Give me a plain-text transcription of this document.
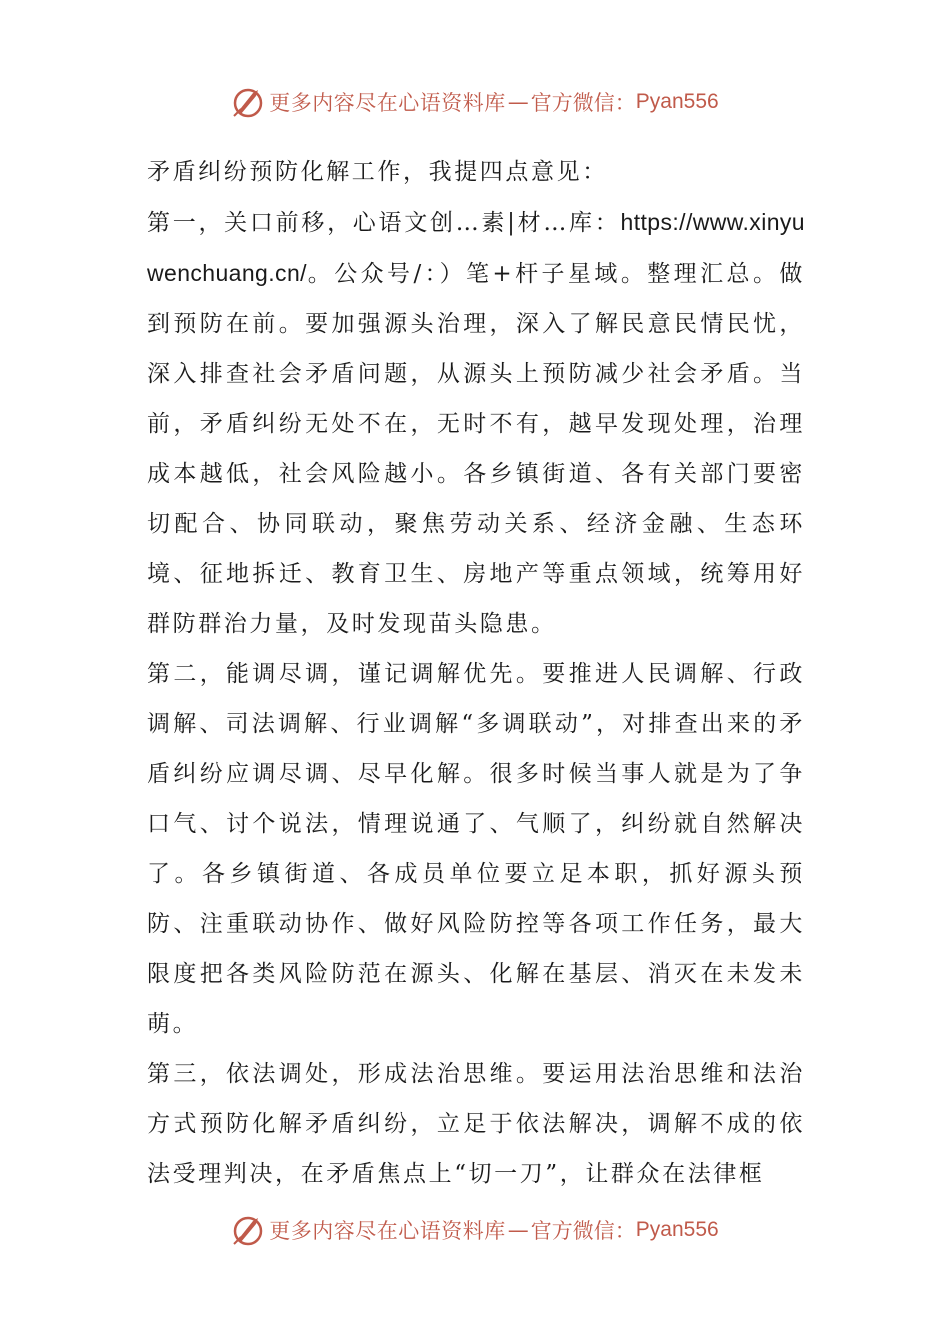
更多内容尽在心语资料库 — 官方微信： Pyan556

矛盾纠纷预防化解工作，我提四点意见：

第一，关口前移，心语文创…素|材…库：https://www.xinyuwenchuang.cn/。公众号/：）笔+杆子星域。整理汇总。做到预防在前。要加强源头治理，深入了解民意民情民忧，深入排查社会矛盾问题，从源头上预防减少社会矛盾。当前，矛盾纠纷无处不在，无时不有，越早发现处理，治理成本越低，社会风险越小。各乡镇街道、各有关部门要密切配合、协同联动，聚焦劳动关系、经济金融、生态环境、征地拆迁、教育卫生、房地产等重点领域，统筹用好群防群治力量，及时发现苗头隐患。

第二，能调尽调，谨记调解优先。要推进人民调解、行政调解、司法调解、行业调解“多调联动”，对排查出来的矛盾纠纷应调尽调、尽早化解。很多时候当事人就是为了争口气、讨个说法，情理说通了、气顺了，纠纷就自然解决了。各乡镇街道、各成员单位要立足本职，抓好源头预防、注重联动协作、做好风险防控等各项工作任务，最大限度把各类风险防范在源头、化解在基层、消灭在未发未萌。

第三，依法调处，形成法治思维。要运用法治思维和法治方式预防化解矛盾纠纷，立足于依法解决，调解不成的依法受理判决，在矛盾焦点上“切一刀”，让群众在法律框

更多内容尽在心语资料库 — 官方微信： Pyan556
